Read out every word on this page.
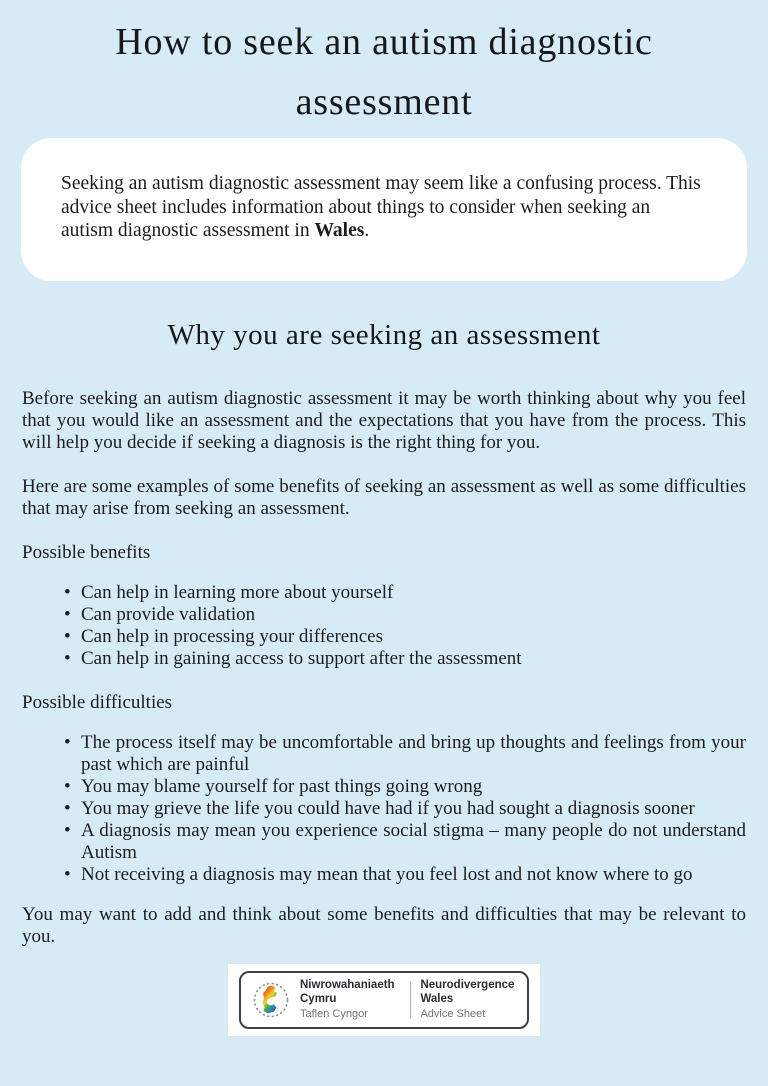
How to seek an autism diagnostic
assessment

Seeking an autism diagnostic assessment may seem like a confusing process. This advice sheet includes information about things to consider when seeking an autism diagnostic assessment in Wales.

Why you are seeking an assessment

Before seeking an autism diagnostic assessment it may be worth thinking about why you feel that you would like an assessment and the expectations that you have from the process. This will help you decide if seeking a diagnosis is the right thing for you.

Here are some examples of some benefits of seeking an assessment as well as some difficulties that may arise from seeking an assessment.

Possible benefits

• Can help in learning more about yourself
• Can provide validation
• Can help in processing your differences
• Can help in gaining access to support after the assessment

Possible difficulties

• The process itself may be uncomfortable and bring up thoughts and feelings from your past which are painful
• You may blame yourself for past things going wrong
• You may grieve the life you could have had if you had sought a diagnosis sooner
• A diagnosis may mean you experience social stigma – many people do not understand Autism
• Not receiving a diagnosis may mean that you feel lost and not know where to go

You may want to add and think about some benefits and difficulties that may be relevant to you.

Niwrowahaniaeth Cymru
Taflen Cyngor
Neurodivergence Wales
Advice Sheet
